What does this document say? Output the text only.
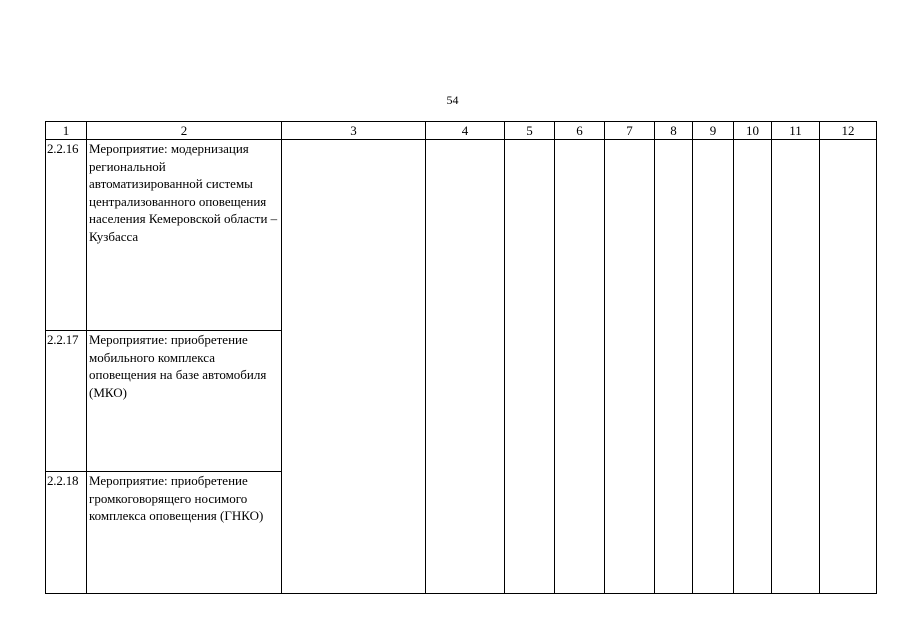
54
1	2	3	4	5	6	7	8	9	10	11	12
2.2.16	Мероприятие: модернизация региональной автоматизированной системы централизованного оповещения населения Кемеровской области – Кузбасса										
2.2.17	Мероприятие: приобретение мобильного комплекса оповещения на базе автомобиля (МКО)										
2.2.18	Мероприятие: приобретение громкоговорящего носимого комплекса оповещения (ГНКО)										
